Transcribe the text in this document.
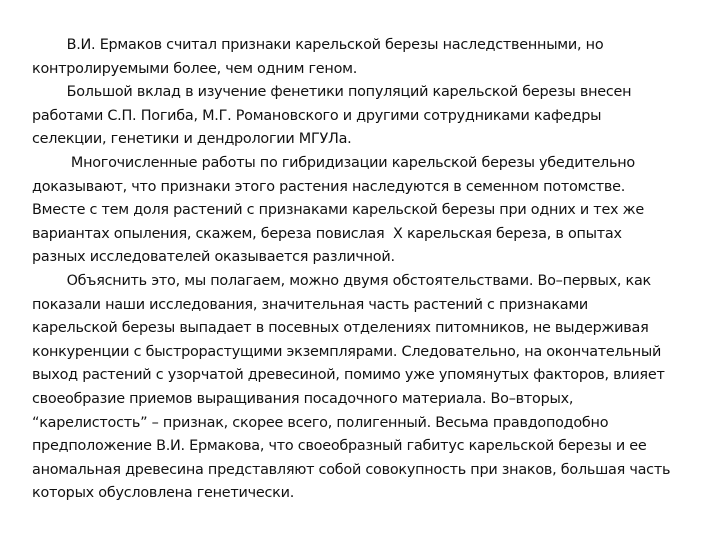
В.И. Ермаков считал признаки карельской березы наследственными, но
контролируемыми более, чем одним геном.
Большой вклад в изучение фенетики популяций карельской березы внесен
работами С.П. Погиба, М.Г. Романовского и другими сотрудниками кафедры
селекции, генетики и дендрологии МГУЛа.
Многочисленные работы по гибридизации карельской березы убедительно
доказывают, что признаки этого растения наследуются в семенном потомстве.
Вместе с тем доля растений с признаками карельской березы при одних и тех же
вариантах опыления, скажем, береза повислая  Х карельская береза, в опытах
разных исследователей оказывается различной.
Объяснить это, мы полагаем, можно двумя обстоятельствами. Во–первых, как
показали наши исследования, значительная часть растений с признаками
карельской березы выпадает в посевных отделениях питомников, не выдерживая
конкуренции с быстрорастущими экземплярами. Следовательно, на окончательный
выход растений с узорчатой древесиной, помимо уже упомянутых факторов, влияет
своеобразие приемов выращивания посадочного материала. Во–вторых,
“карелистость” – признак, скорее всего, полигенный. Весьма правдоподобно
предположение В.И. Ермакова, что своеобразный габитус карельской березы и ее
аномальная древесина представляют собой совокупность при знаков, большая часть
которых обусловлена генетически.
